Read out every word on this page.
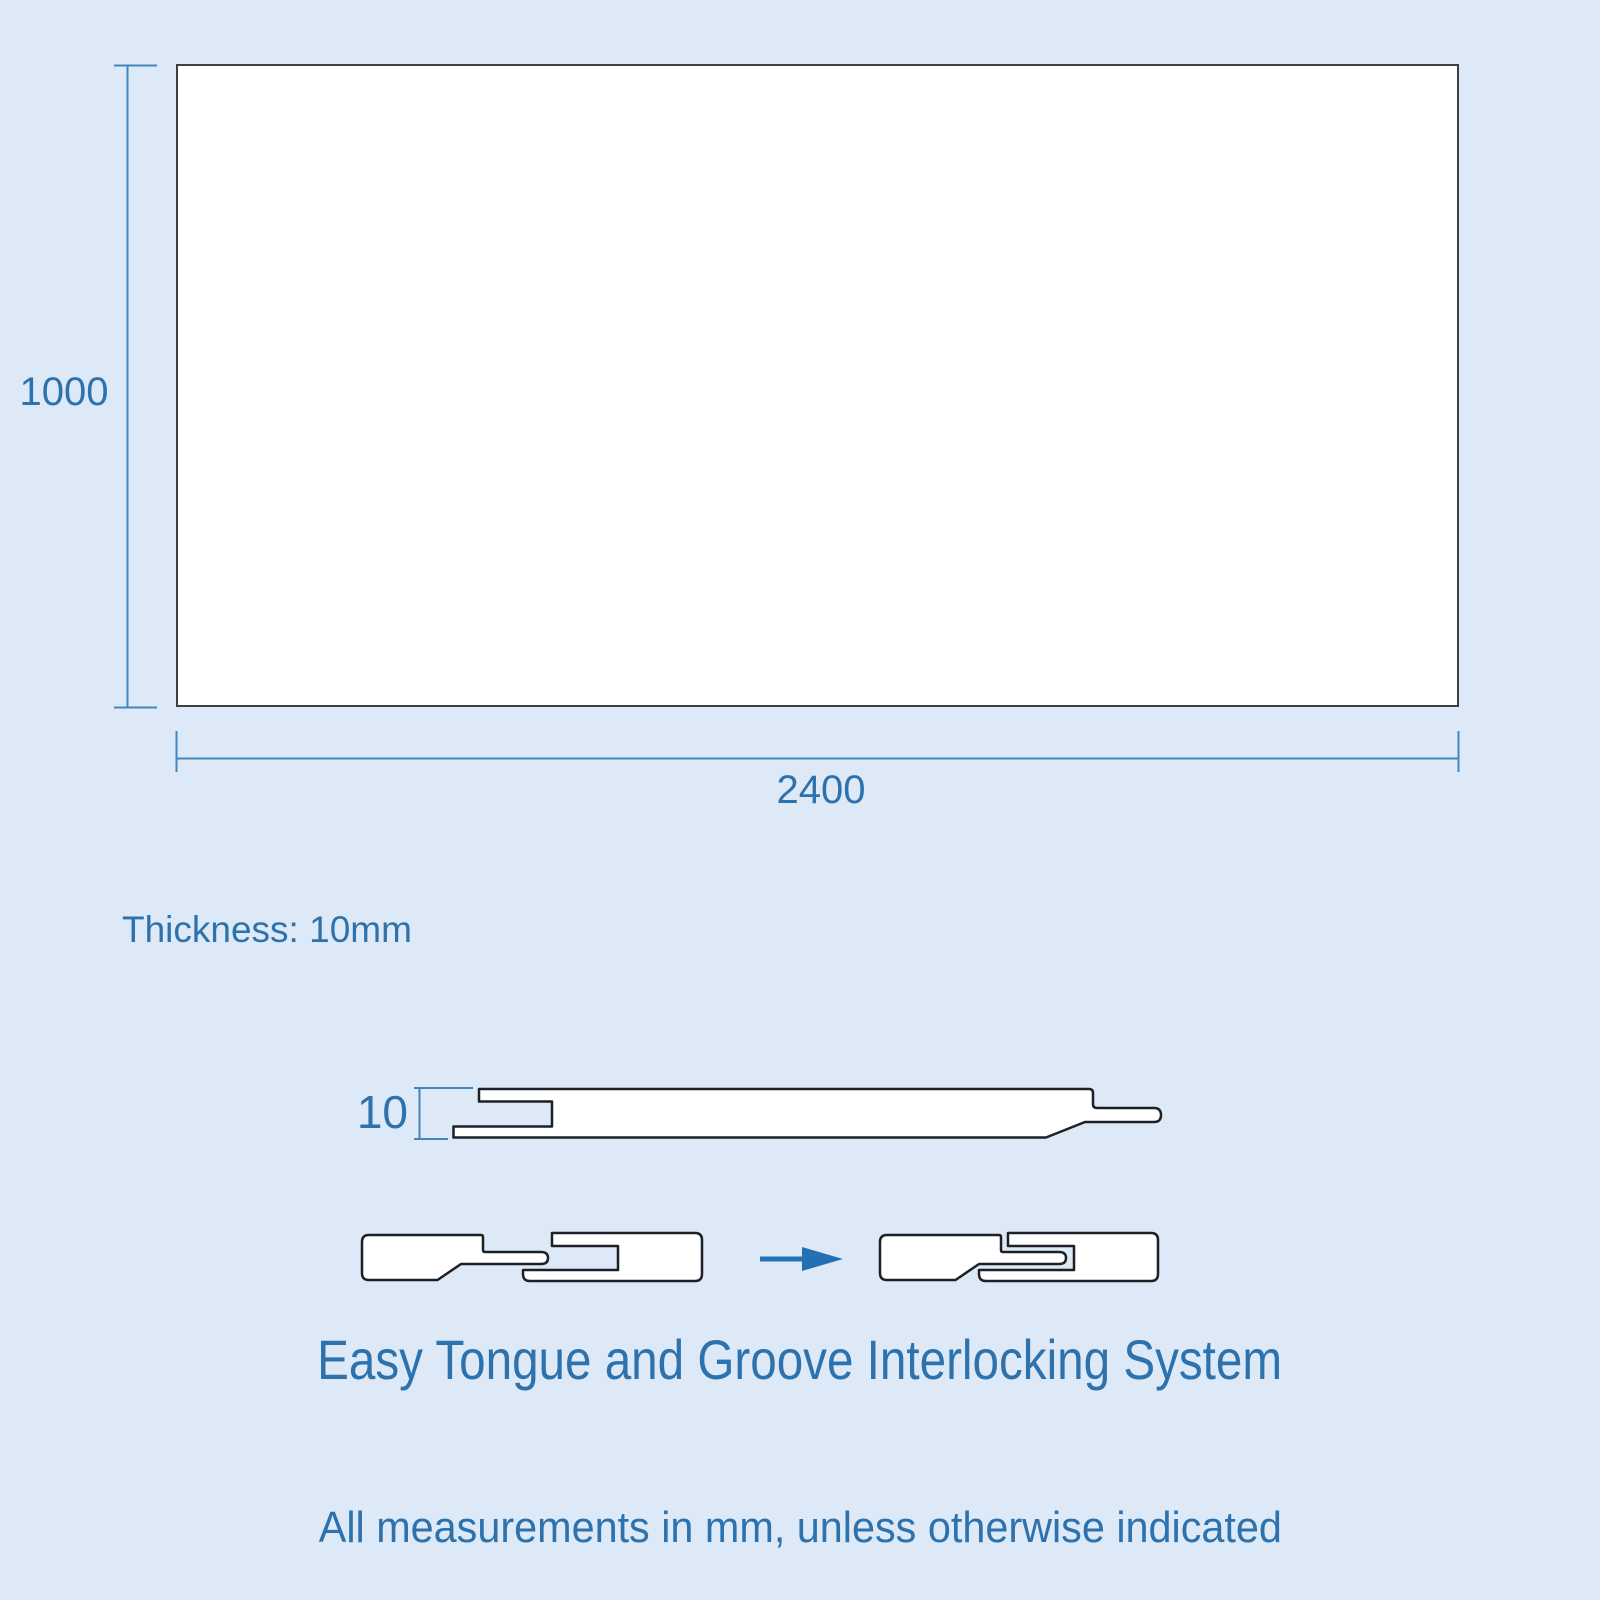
1000
2400
Thickness: 10mm
10
Easy Tongue and Groove Interlocking System
All measurements in mm, unless otherwise indicated
